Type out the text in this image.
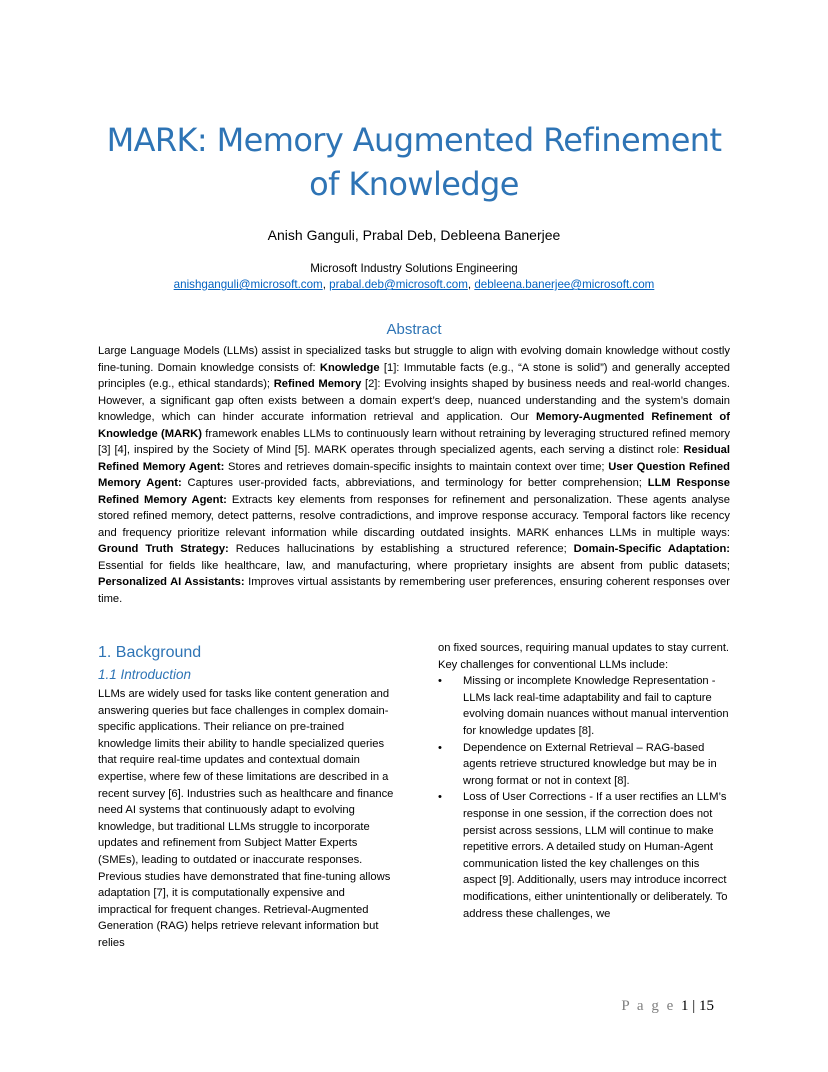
MARK: Memory Augmented Refinement
of Knowledge
Anish Ganguli, Prabal Deb, Debleena Banerjee
Microsoft Industry Solutions Engineering
anishganguli@microsoft.com, prabal.deb@microsoft.com, debleena.banerjee@microsoft.com
Abstract
Large Language Models (LLMs) assist in specialized tasks but struggle to align with evolving domain knowledge without costly fine-tuning. Domain knowledge consists of: Knowledge [1]: Immutable facts (e.g., “A stone is solid”) and generally accepted principles (e.g., ethical standards); Refined Memory [2]: Evolving insights shaped by business needs and real-world changes. However, a significant gap often exists between a domain expert’s deep, nuanced understanding and the system’s domain knowledge, which can hinder accurate information retrieval and application. Our Memory-Augmented Refinement of Knowledge (MARK) framework enables LLMs to continuously learn without retraining by leveraging structured refined memory [3] [4], inspired by the Society of Mind [5]. MARK operates through specialized agents, each serving a distinct role: Residual Refined Memory Agent: Stores and retrieves domain-specific insights to maintain context over time; User Question Refined Memory Agent: Captures user-provided facts, abbreviations, and terminology for better comprehension; LLM Response Refined Memory Agent: Extracts key elements from responses for refinement and personalization. These agents analyse stored refined memory, detect patterns, resolve contradictions, and improve response accuracy. Temporal factors like recency and frequency prioritize relevant information while discarding outdated insights. MARK enhances LLMs in multiple ways: Ground Truth Strategy: Reduces hallucinations by establishing a structured reference; Domain-Specific Adaptation: Essential for fields like healthcare, law, and manufacturing, where proprietary insights are absent from public datasets; Personalized AI Assistants: Improves virtual assistants by remembering user preferences, ensuring coherent responses over time.
1. Background
1.1 Introduction

LLMs are widely used for tasks like content generation and answering queries but face challenges in complex domain-specific applications. Their reliance on pre-trained knowledge limits their ability to handle specialized queries that require real-time updates and contextual domain expertise, where few of these limitations are described in a recent survey [6]. Industries such as healthcare and finance need AI systems that continuously adapt to evolving knowledge, but traditional LLMs struggle to incorporate updates and refinement from Subject Matter Experts (SMEs), leading to outdated or inaccurate responses. Previous studies have demonstrated that fine-tuning allows adaptation [7], it is computationally expensive and impractical for frequent changes. Retrieval-Augmented Generation (RAG) helps retrieve relevant information but relies

on fixed sources, requiring manual updates to stay current. Key challenges for conventional LLMs include:

• Missing or incomplete Knowledge Representation - LLMs lack real-time adaptability and fail to capture evolving domain nuances without manual intervention for knowledge updates [8].
• Dependence on External Retrieval – RAG-based agents retrieve structured knowledge but may be in wrong format or not in context [8].
• Loss of User Corrections - If a user rectifies an LLM’s response in one session, if the correction does not persist across sessions, LLM will continue to make repetitive errors. A detailed study on Human-Agent communication listed the key challenges on this aspect [9]. Additionally, users may introduce incorrect modifications, either unintentionally or deliberately. To address these challenges, we
P a g e 1 | 15
